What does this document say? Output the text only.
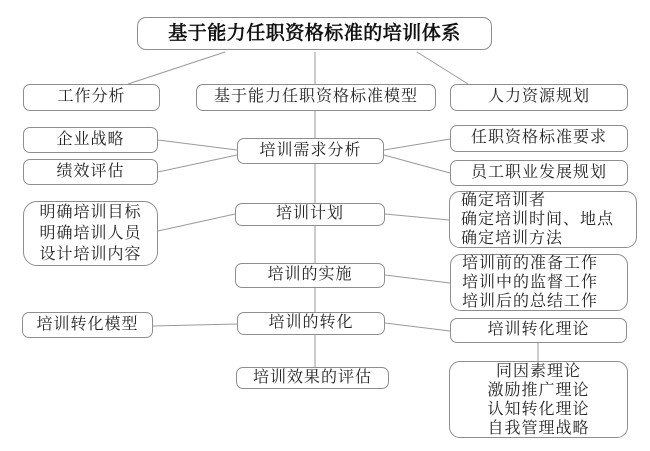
基于能力任职资格标准的培训体系
工作分析	基于能力任职资格标准模型	人力资源规划
企业战略
培训需求分析
任职资格标准要求
绩效评估	员工职业发展规划
明确培训目标
明确培训人员
设计培训内容
培训计划
确定培训者
确定培训时间、地点
确定培训方法
培训的实施
培训前的准备工作
培训中的监督工作
培训后的总结工作
培训转化模型	培训的转化	培训转化理论
培训效果的评估	同因素理论
激励推广理论
认知转化理论
自我管理战略
